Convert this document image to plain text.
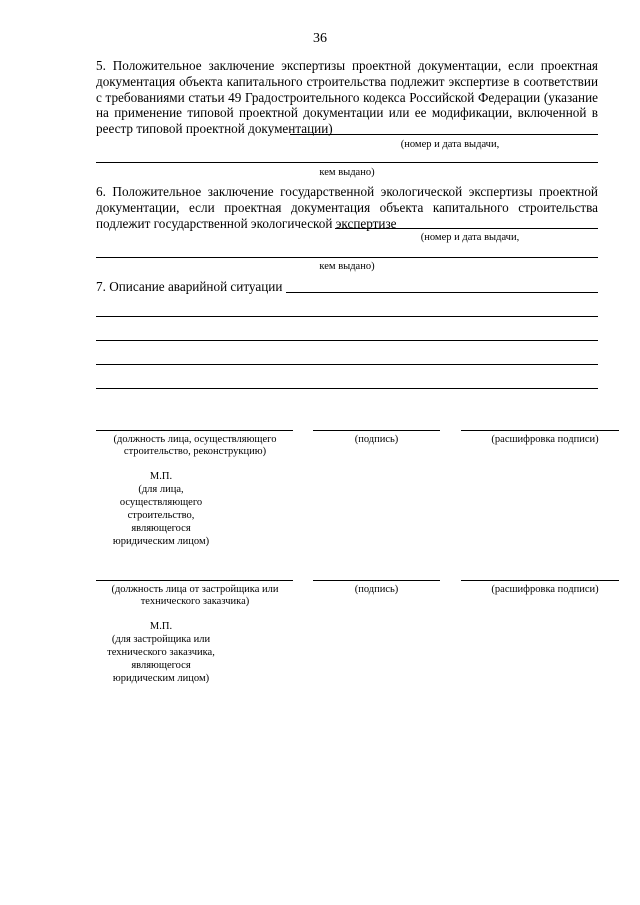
36

5. Положительное заключение экспертизы проектной документации, если проектная документация объекта капитального строительства подлежит экспертизе в соответствии с требованиями статьи 49 Градостроительного кодекса Российской Федерации (указание на применение типовой проектной документации или ее модификации, включенной в реестр типовой проектной документации)

(номер и дата выдачи,
кем выдано)

6. Положительное заключение государственной экологической экспертизы проектной документации, если проектная документация объекта капитального строительства подлежит государственной экологической экспертизе

(номер и дата выдачи,
кем выдано)
7. Описание аварийной ситуации
(должность лица, осуществляющего строительство, реконструкцию)
(подпись)	(расшифровка подписи)
М.П.
(для лица,
осуществляющего
строительство,
являющегося
юридическим лицом)
(должность лица от застройщика или технического заказчика)
(подпись)	(расшифровка подписи)
М.П.
(для застройщика или
технического заказчика,
являющегося
юридическим лицом)
